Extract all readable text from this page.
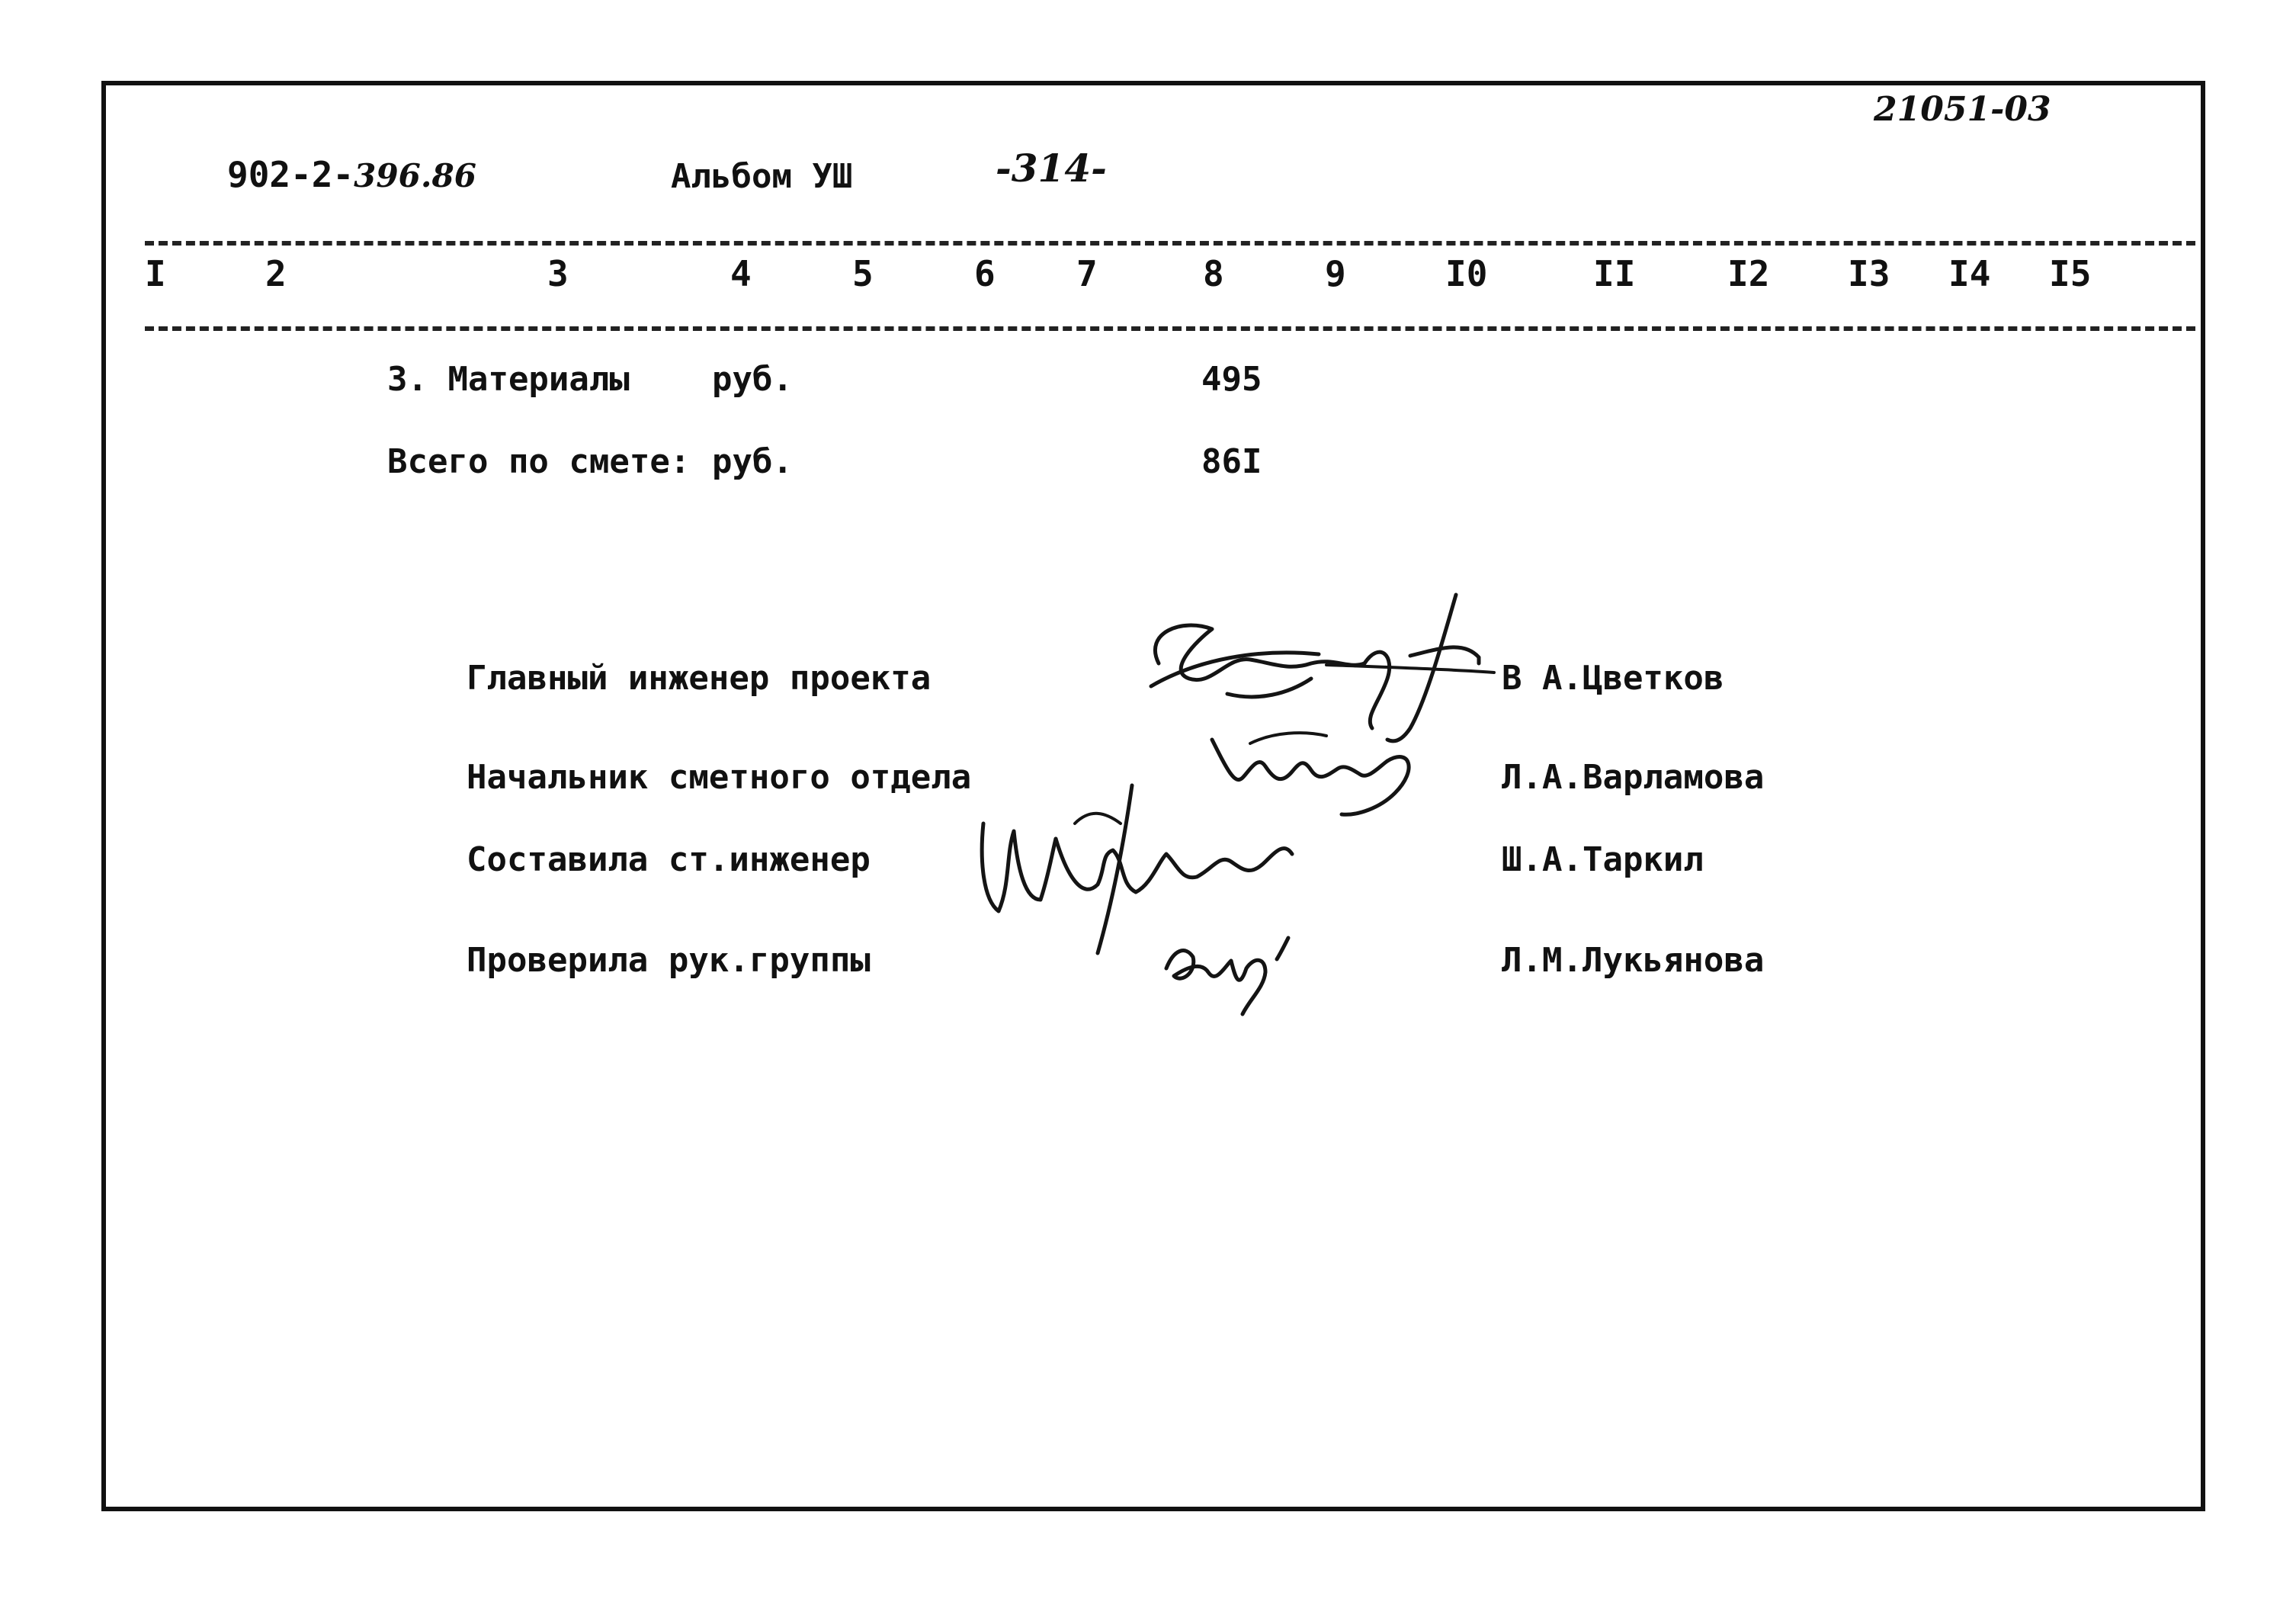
902-2-396.86	Альбом УШ	-314-
21051-03
I	2	3	4	5	6 7	8	9	I0	II	I2 I3 I4 I5
3. Материалы руб.	495
Всего по смете: руб.	86I
Главный инженер проекта	В А.Цветков
Начальник сметного отдела	Л.А.Варламова
Составила ст.инженер	Ш.А.Таркил
Проверила рук.группы	Л.М.Лукьянова
